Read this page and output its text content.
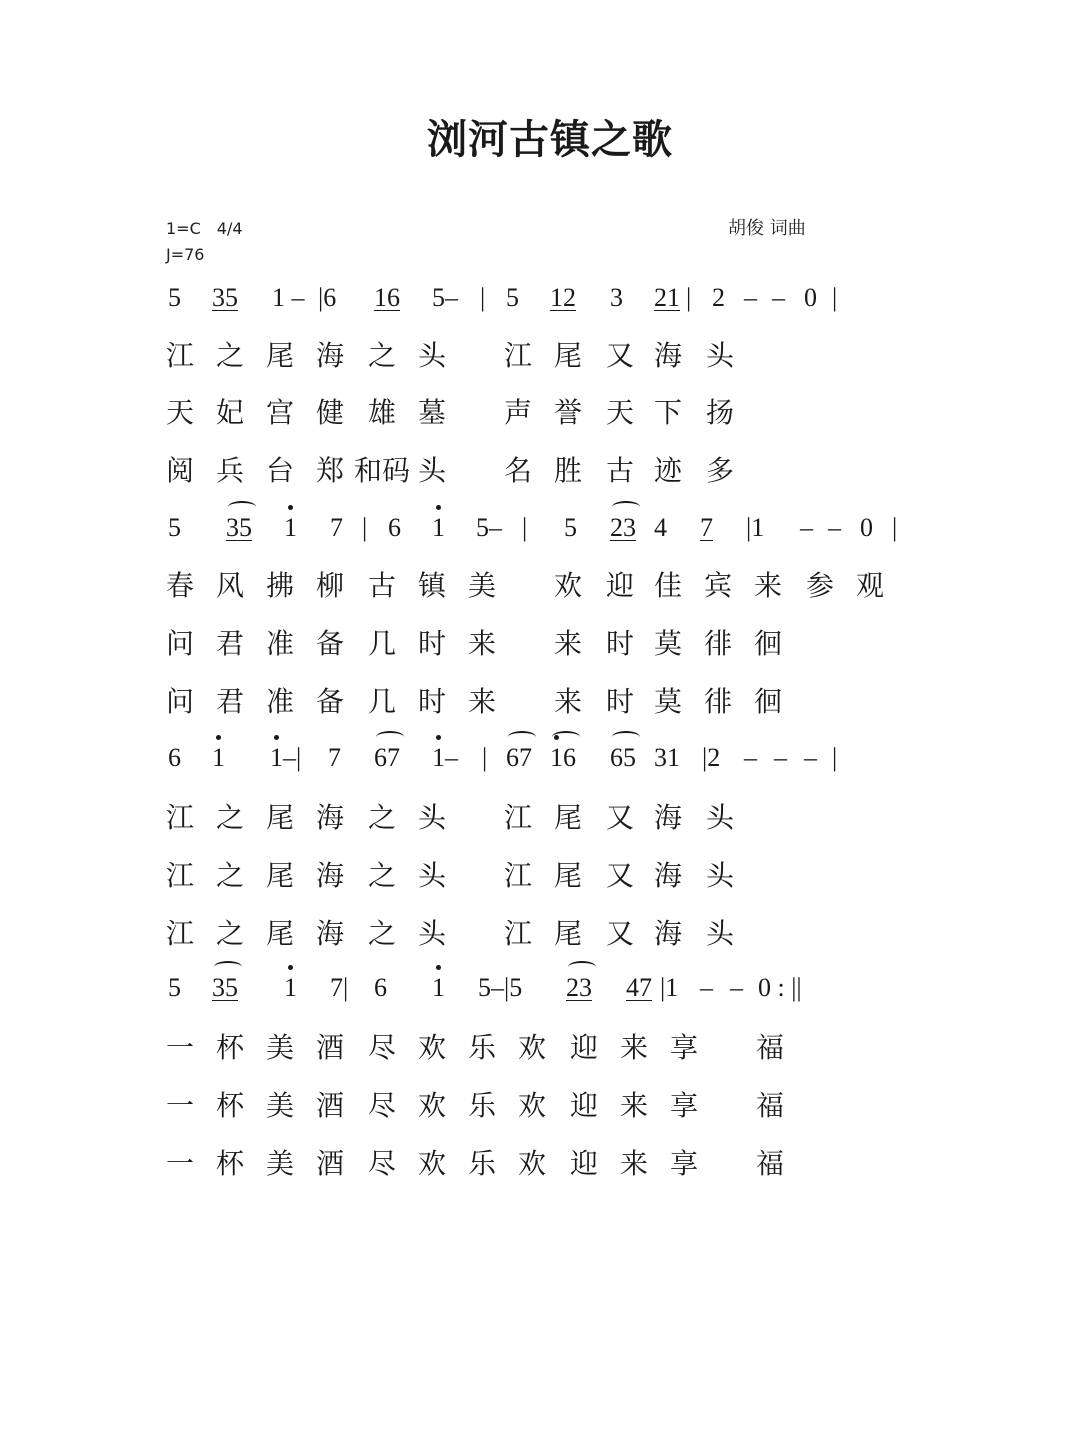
浏河古镇之歌
1=C　4/4
J=76
胡俊 词曲
5 35 1 – |6 16 5– | 5 12 3 21 | 2 – – 0 |
江 之 尾 海 之 头 江 尾 又 海 头
天 妃 宫 健 雄 墓 声 誉 天 下 扬
阅 兵 台 郑 和码 头 名 胜 古 迹 多
5 35 1 7 | 6 1 5– | 5 23 4 7 |1 – – 0 |
春 风 拂 柳 古 镇 美 欢 迎 佳 宾 来 参 观
问 君 准 备 几 时 来 来 时 莫 徘 徊
问 君 准 备 几 时 来 来 时 莫 徘 徊
6 1 1–| 7 67 1– | 67 16 65 31 |2 – – – |
江 之 尾 海 之 头 江 尾 又 海 头
江 之 尾 海 之 头 江 尾 又 海 头
江 之 尾 海 之 头 江 尾 又 海 头
5 35 1 7| 6 1 5–|5 23 47 |1 – – 0 : ||
一 杯 美 酒 尽 欢 乐 欢 迎 来 享 福
一 杯 美 酒 尽 欢 乐 欢 迎 来 享 福
一 杯 美 酒 尽 欢 乐 欢 迎 来 享 福
